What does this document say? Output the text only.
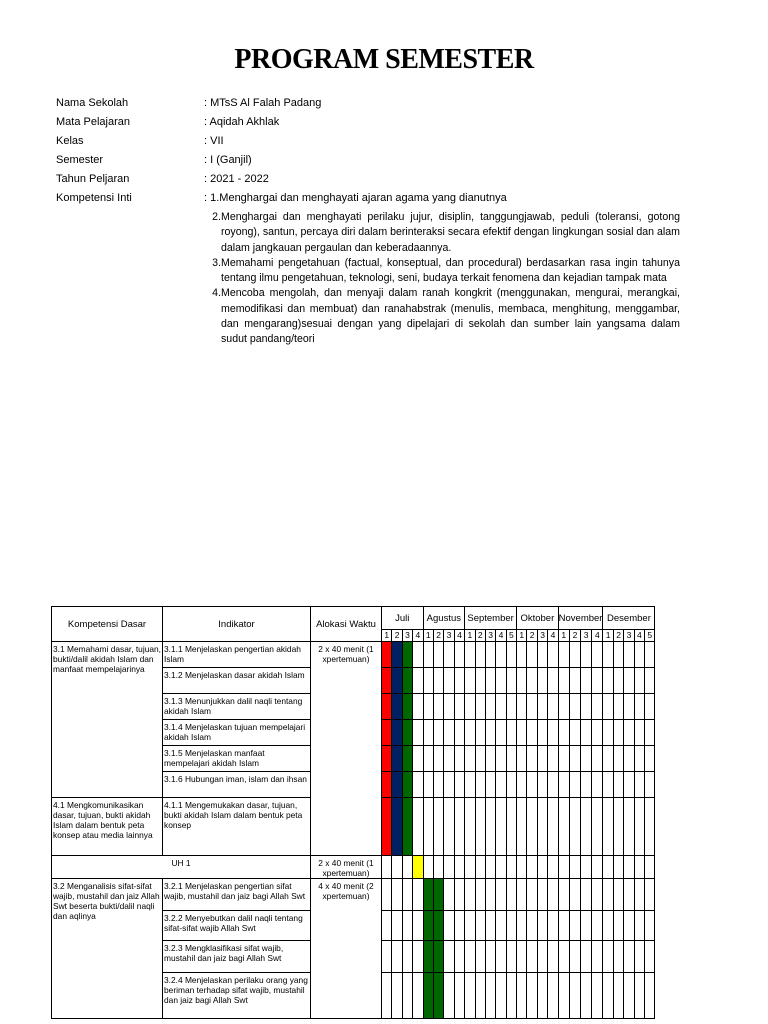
PROGRAM SEMESTER
Nama Sekolah	: MTsS Al Falah Padang
Mata Pelajaran	: Aqidah Akhlak
Kelas	: VII
Semester	: I (Ganjil)
Tahun Peljaran	: 2021 - 2022
Kompetensi Inti	: 1.Menghargai dan menghayati ajaran agama yang dianutnya
2. Menghargai dan menghayati perilaku jujur, disiplin, tanggungjawab, peduli (toleransi, gotong royong), santun, percaya diri dalam berinteraksi secara efektif dengan lingkungan sosial dan alam dalam jangkauan pergaulan dan keberadaannya.
3. Memahami pengetahuan (factual, konseptual, dan procedural) berdasarkan rasa ingin tahunya tentang ilmu pengetahuan, teknologi, seni, budaya terkait fenomena dan kejadian tampak mata
4. Mencoba mengolah, dan menyaji dalam ranah kongkrit (menggunakan, mengurai, merangkai, memodifikasi dan membuat) dan ranahabstrak (menulis, membaca, menghitung, menggambar, dan mengarang)sesuai dengan yang dipelajari di sekolah dan sumber lain yangsama dalam sudut pandang/teori
Kompetensi Dasar	Indikator	Alokasi Waktu	Juli				Agustus				September					Oktober				November				Desember				
			1	2	3	4	1	2	3	4	1	2	3	4	5	1	2	3	4	1	2	3	4	1	2	3	4	5
3.1 Memahami dasar, tujuan, bukti/dalil akidah Islam dan manfaat mempelajarinya	3.1.1 Menjelaskan pengertian akidah Islam	2 x 40 menit (1 xpertemuan)																										
	3.1.2 Menjelaskan dasar akidah Islam																											
	3.1.3 Menunjukkan dalil naqli tentang akidah Islam																											
	3.1.4 Menjelaskan tujuan mempelajari akidah Islam																											
	3.1.5 Menjelaskan manfaat mempelajari akidah Islam																											
	3.1.6 Hubungan iman, islam dan ihsan																											
4.1 Mengkomunikasikan dasar, tujuan, bukti akidah Islam dalam bentuk peta konsep atau media lainnya	4.1.1 Mengemukakan dasar, tujuan, bukti akidah Islam dalam bentuk peta konsep																											
UH 1		2 x 40 menit (1 xpertemuan)																										
3.2 Menganalisis sifat-sifat wajib, mustahil dan jaiz Allah Swt beserta bukti/dalil naqli dan aqlinya	3.2.1 Menjelaskan pengertian sifat wajib, mustahil dan jaiz bagi Allah Swt	4 x 40 menit (2 xpertemuan)																										
	3.2.2 Menyebutkan dalil naqli tentang sifat-sifat wajib Allah Swt																											
	3.2.3 Mengklasifikasi sifat wajib, mustahil dan jaiz bagi Allah Swt																											
	3.2.4 Menjelaskan perilaku orang yang beriman terhadap sifat wajib, mustahil dan jaiz bagi Allah Swt																											
